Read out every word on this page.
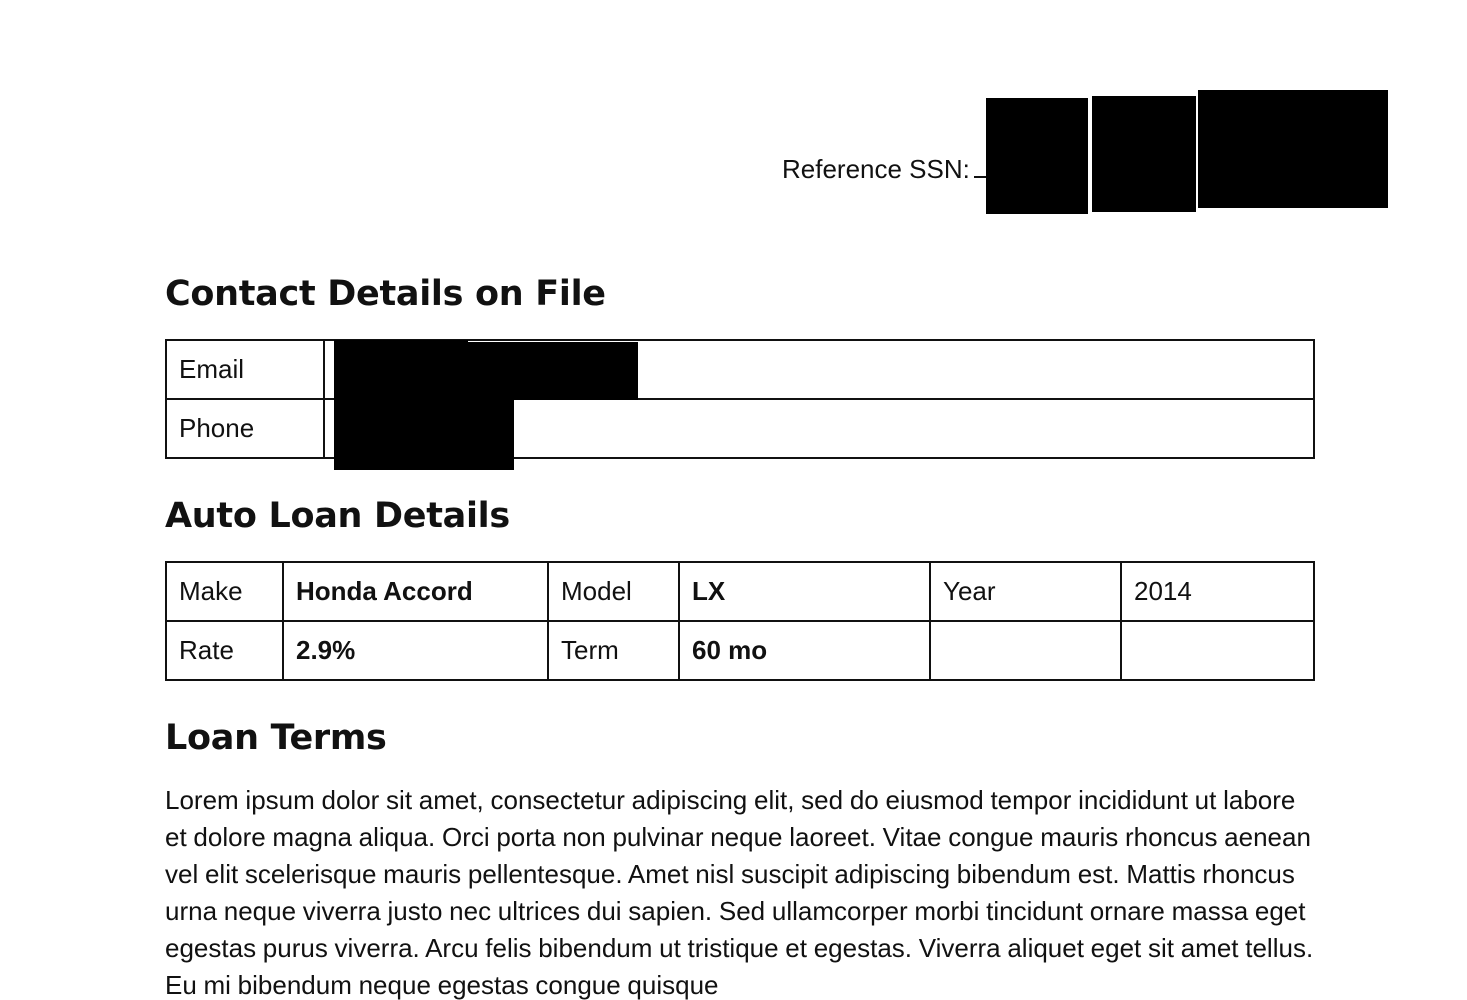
Reference SSN:
Contact Details on File
Email	
Phone	
Auto Loan Details
Make	Honda Accord	Model	LX	Year	2014
Rate	2.9%	Term	60 mo		
Loan Terms

Lorem ipsum dolor sit amet, consectetur adipiscing elit, sed do eiusmod tempor incididunt ut labore et dolore magna aliqua. Orci porta non pulvinar neque laoreet. Vitae congue mauris rhoncus aenean vel elit scelerisque mauris pellentesque. Amet nisl suscipit adipiscing bibendum est. Mattis rhoncus urna neque viverra justo nec ultrices dui sapien. Sed ullamcorper morbi tincidunt ornare massa eget egestas purus viverra. Arcu felis bibendum ut tristique et egestas. Viverra aliquet eget sit amet tellus. Eu mi bibendum neque egestas congue quisque
